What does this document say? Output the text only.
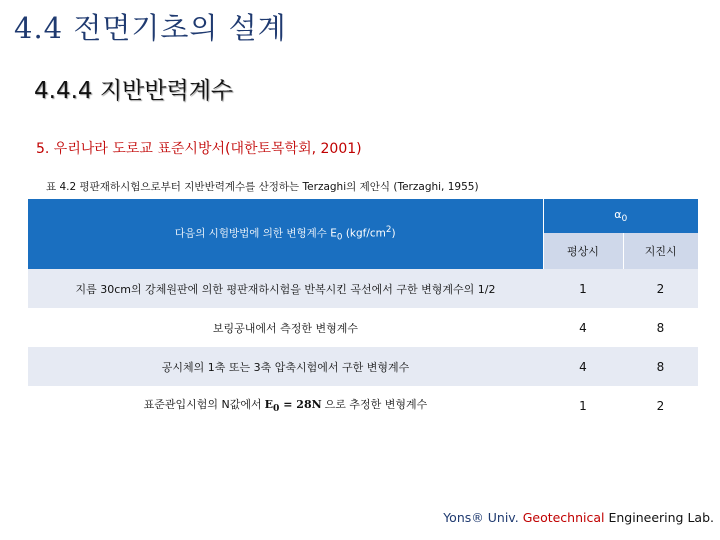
4.4 전면기초의 설계
4.4.4 지반반력계수
5. 우리나라 도로교 표준시방서(대한토목학회, 2001)
표 4.2 평판재하시험으로부터 지반반력계수를 산정하는 Terzaghi의 제안식 (Terzaghi, 1955)
다음의 시험방법에 의한 변형계수 $E_0$ $(kgf/cm^2)$	$\alpha_0$
	평상시	지진시
지름 30cm의 강체원판에 의한 평판재하시험을 반복시킨 곡선에서 구한 변형계수의 1/2	1	2
보링공내에서 측정한 변형계수	4	8
공시체의 1축 또는 3축 압축시험에서 구한 변형계수	4	8
표준관입시험의 N값에서 $E_0 = 28N$ 으로 추정한 변형계수	1	2
Yons® Univ. Geotechnical Engineering Lab.
